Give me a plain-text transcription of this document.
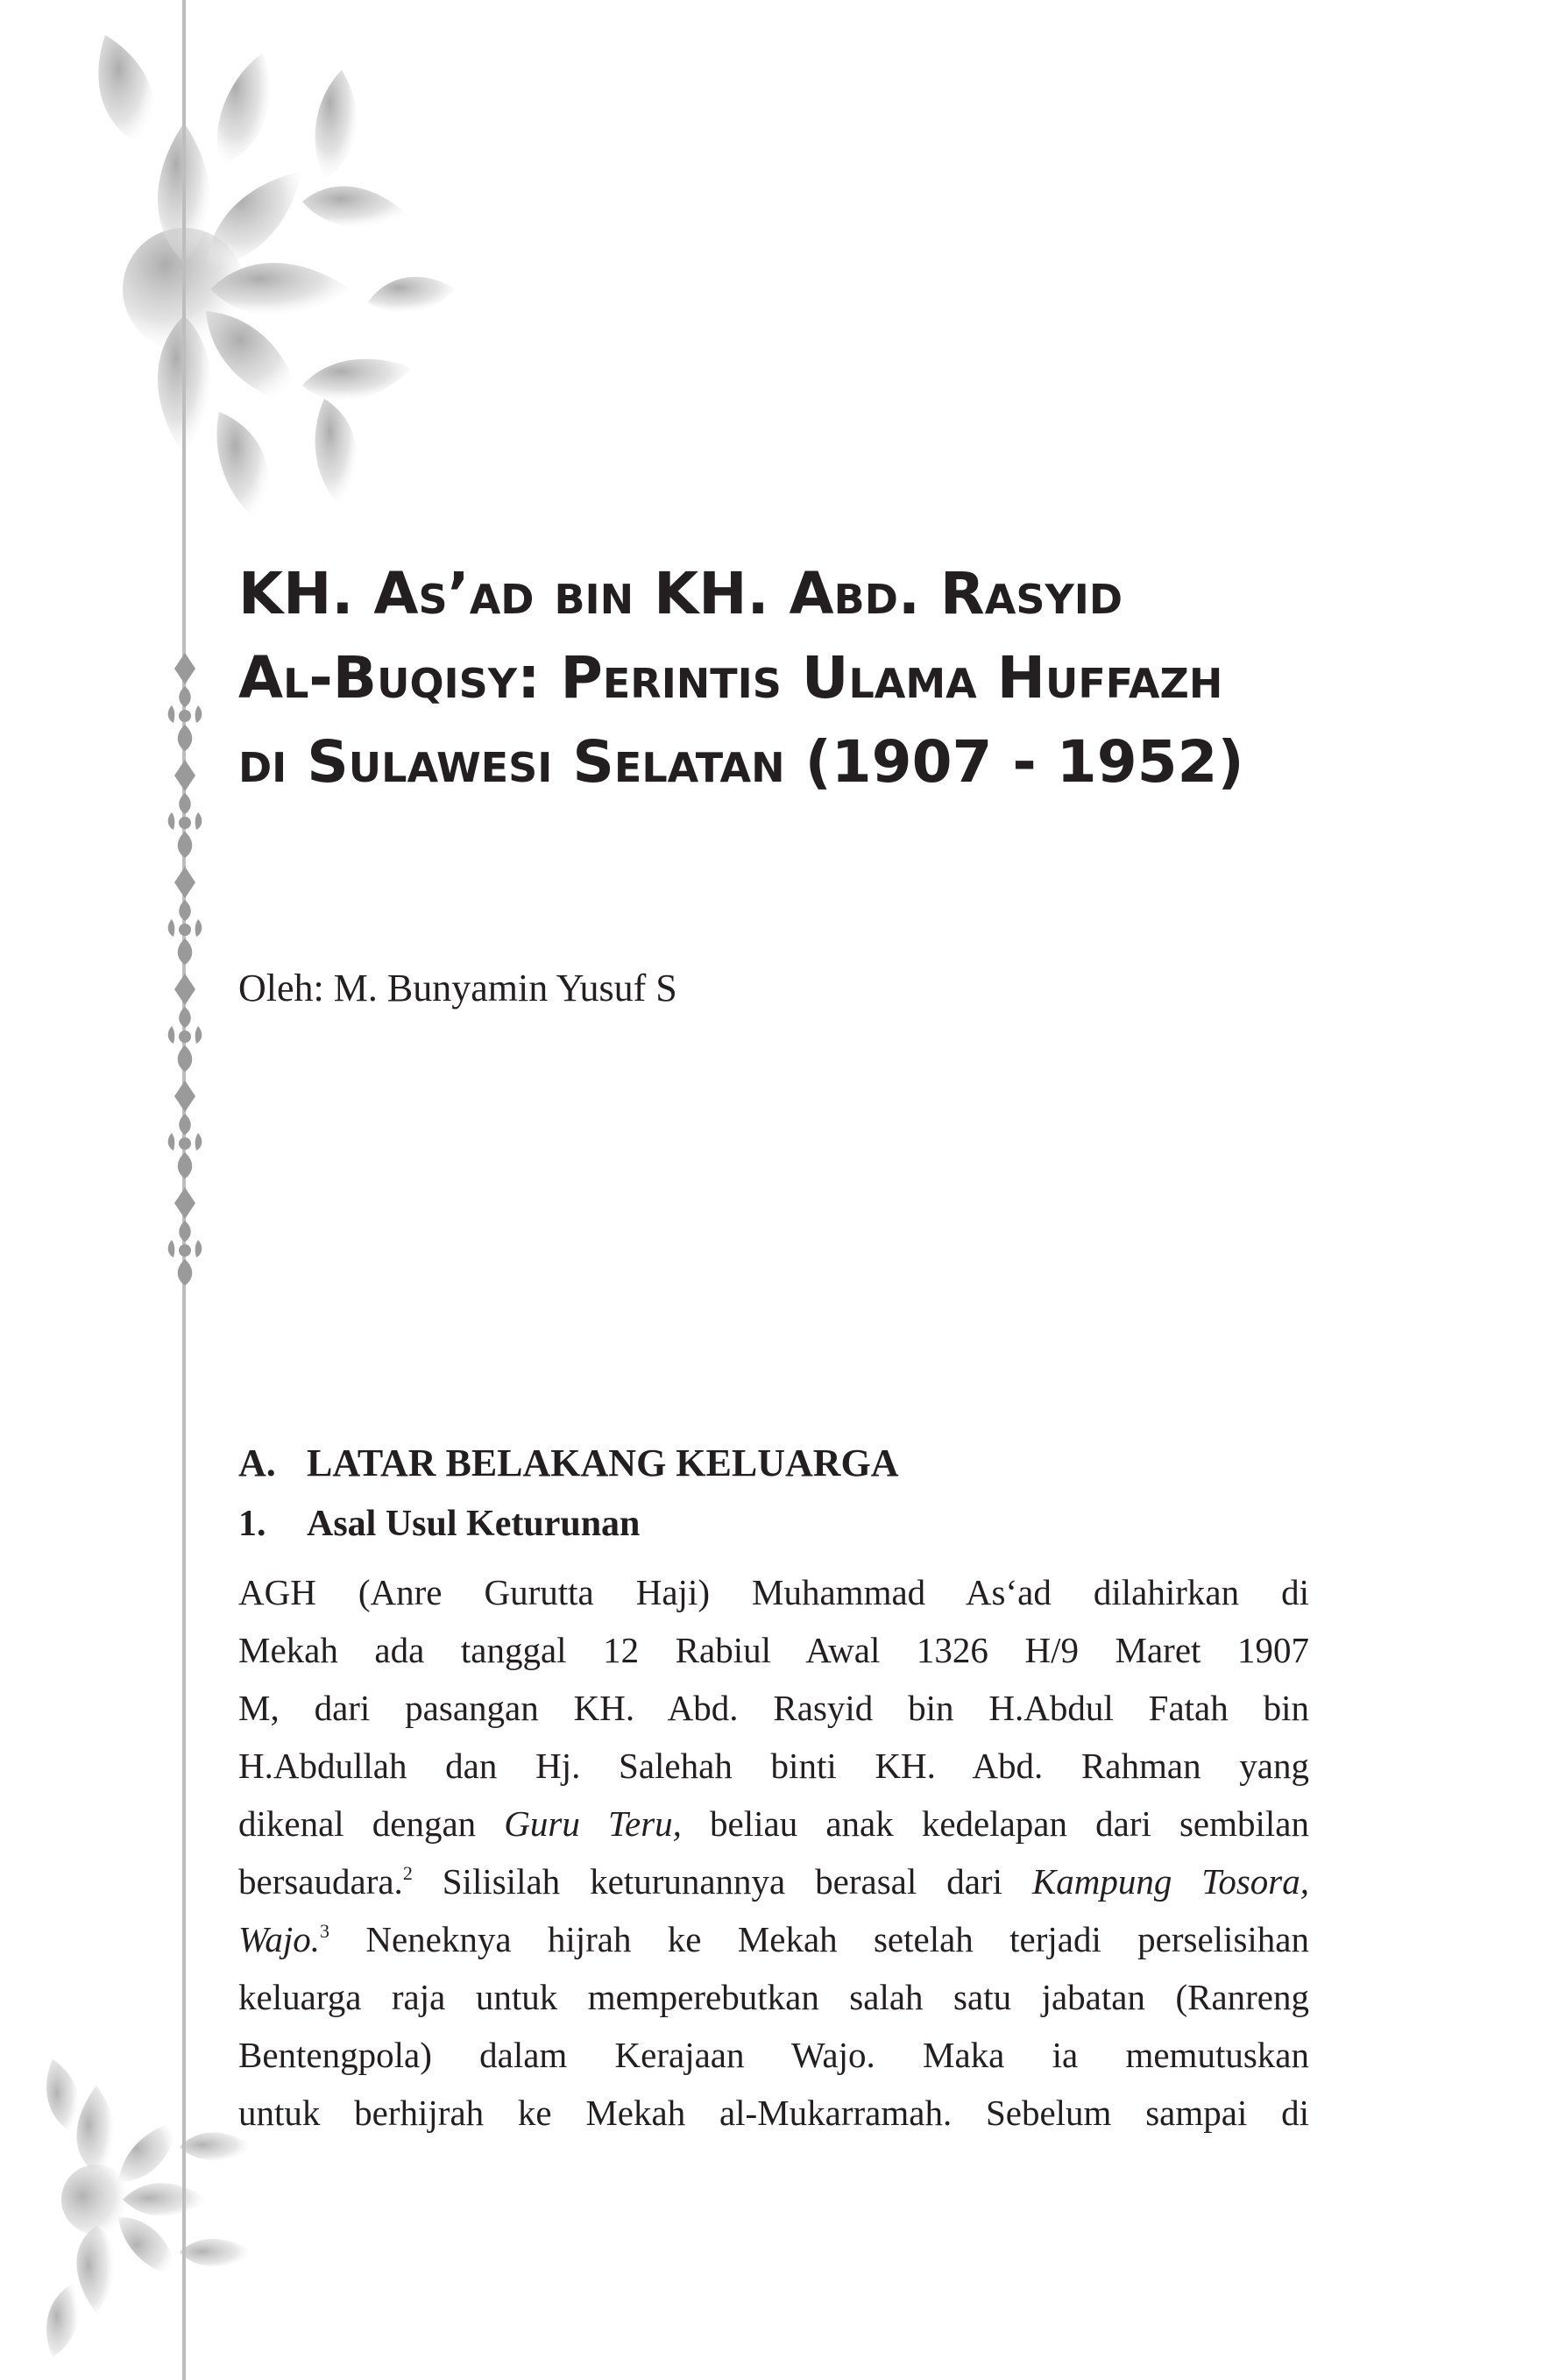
KH. As’ad bin KH. Abd. Rasyid
Al-Buqisy: Perintis Ulama Huffazh
di Sulawesi Selatan (1907 - 1952)
Oleh: M. Bunyamin Yusuf S
A. LATAR BELAKANG KELUARGA
1. Asal Usul Keturunan
AGH (Anre Gurutta Haji) Muhammad As‘ad dilahirkan di
Mekah ada tanggal 12 Rabiul Awal 1326 H/9 Maret 1907
M, dari pasangan KH. Abd. Rasyid bin H.Abdul Fatah bin
H.Abdullah dan Hj. Salehah binti KH. Abd. Rahman yang
dikenal dengan Guru Teru, beliau anak kedelapan dari sembilan
bersaudara.$^2$ Silisilah keturunannya berasal dari Kampung Tosora,
Wajo.$^3$ Neneknya hijrah ke Mekah setelah terjadi perselisihan
keluarga raja untuk memperebutkan salah satu jabatan (Ranreng
Bentengpola) dalam Kerajaan Wajo. Maka ia memutuskan
untuk berhijrah ke Mekah al-Mukarramah. Sebelum sampai di
